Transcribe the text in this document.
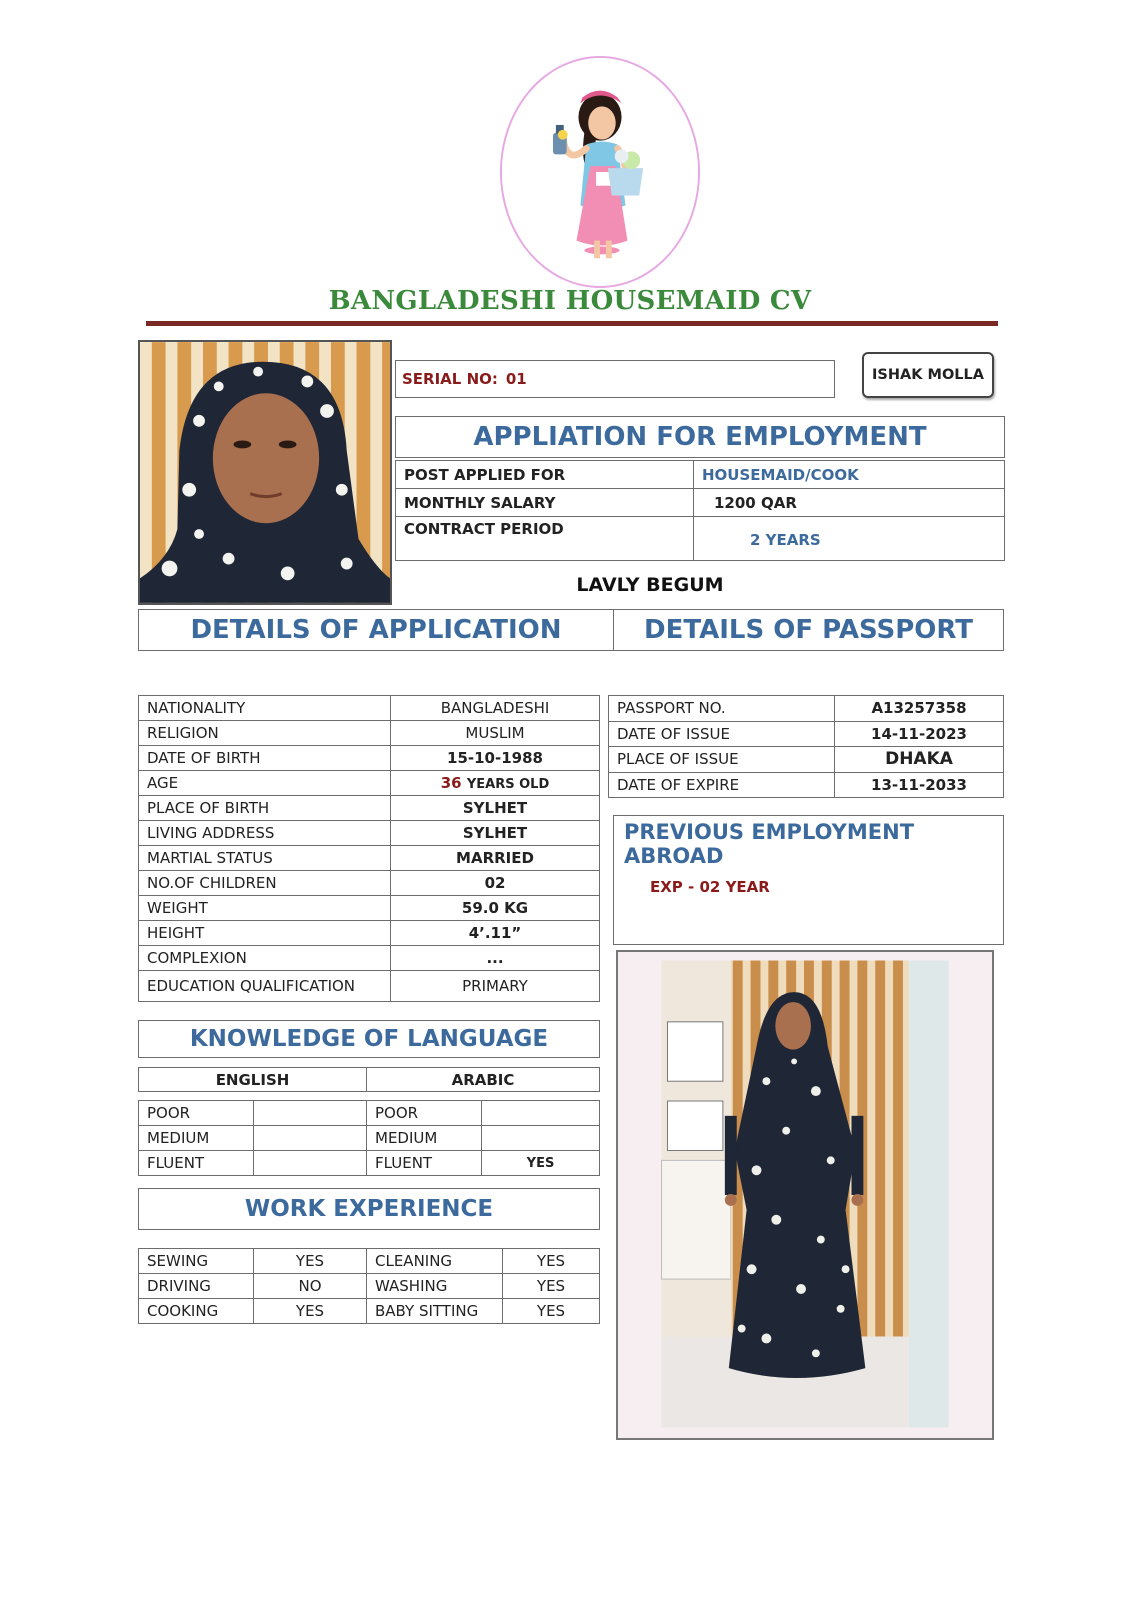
BANGLADESHI HOUSEMAID CV
SERIAL NO: 01	ISHAK MOLLA
APPLIATION FOR EMPLOYMENT
POST APPLIED FOR	HOUSEMAID/COOK
MONTHLY SALARY	1200 QAR
CONTRACT PERIOD	2 YEARS
LAVLY BEGUM
DETAILS OF APPLICATION	DETAILS OF PASSPORT
NATIONALITY	BANGLADESHI
RELIGION	MUSLIM
DATE OF BIRTH	15-10-1988
AGE	36 YEARS OLD
PLACE OF BIRTH	SYLHET
LIVING ADDRESS	SYLHET
MARTIAL STATUS	MARRIED
NO.OF CHILDREN	02
WEIGHT	59.0 KG
HEIGHT	4’.11”
COMPLEXION	...
EDUCATION QUALIFICATION	PRIMARY
PASSPORT NO.	A13257358
DATE OF ISSUE	14-11-2023
PLACE OF ISSUE	DHAKA
DATE OF EXPIRE	13-11-2033
PREVIOUS EMPLOYMENT ABROAD
EXP - 02 YEAR
KNOWLEDGE OF LANGUAGE
ENGLISH	ARABIC
POOR		POOR	
MEDIUM		MEDIUM	
FLUENT		FLUENT	YES
WORK EXPERIENCE
SEWING	YES	CLEANING	YES
DRIVING	NO	WASHING	YES
COOKING	YES	BABY SITTING	YES
